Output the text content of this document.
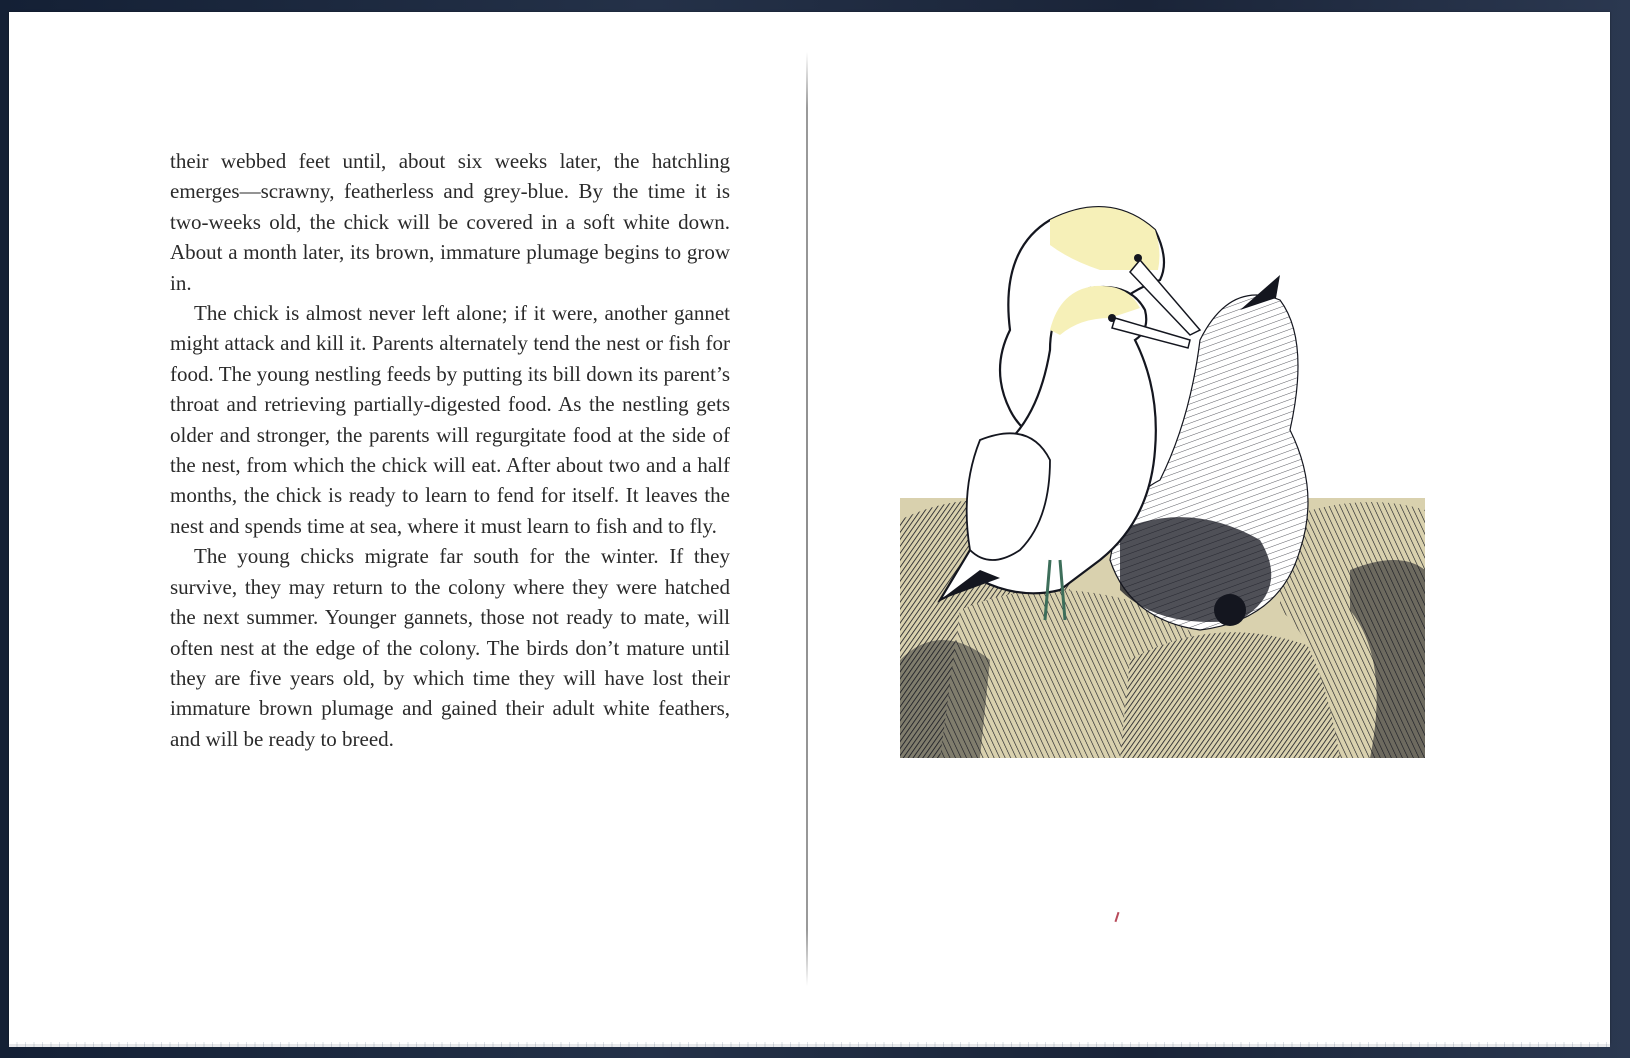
their webbed feet until, about six weeks later, the hatchling emerges—scrawny, featherless and grey-blue. By the time it is two-weeks old, the chick will be covered in a soft white down. About a month later, its brown, immature plumage begins to grow in.

The chick is almost never left alone; if it were, another gannet might attack and kill it. Parents alternately tend the nest or fish for food. The young nestling feeds by putting its bill down its parent’s throat and retrieving partially-digested food. As the nestling gets older and stronger, the parents will regurgitate food at the side of the nest, from which the chick will eat. After about two and a half months, the chick is ready to learn to fend for itself. It leaves the nest and spends time at sea, where it must learn to fish and to fly.

The young chicks migrate far south for the winter. If they survive, they may return to the colony where they were hatched the next summer. Younger gannets, those not ready to mate, will often nest at the edge of the colony. The birds don’t mature until they are five years old, by which time they will have lost their immature brown plumage and gained their adult white feathers, and will be ready to breed.
